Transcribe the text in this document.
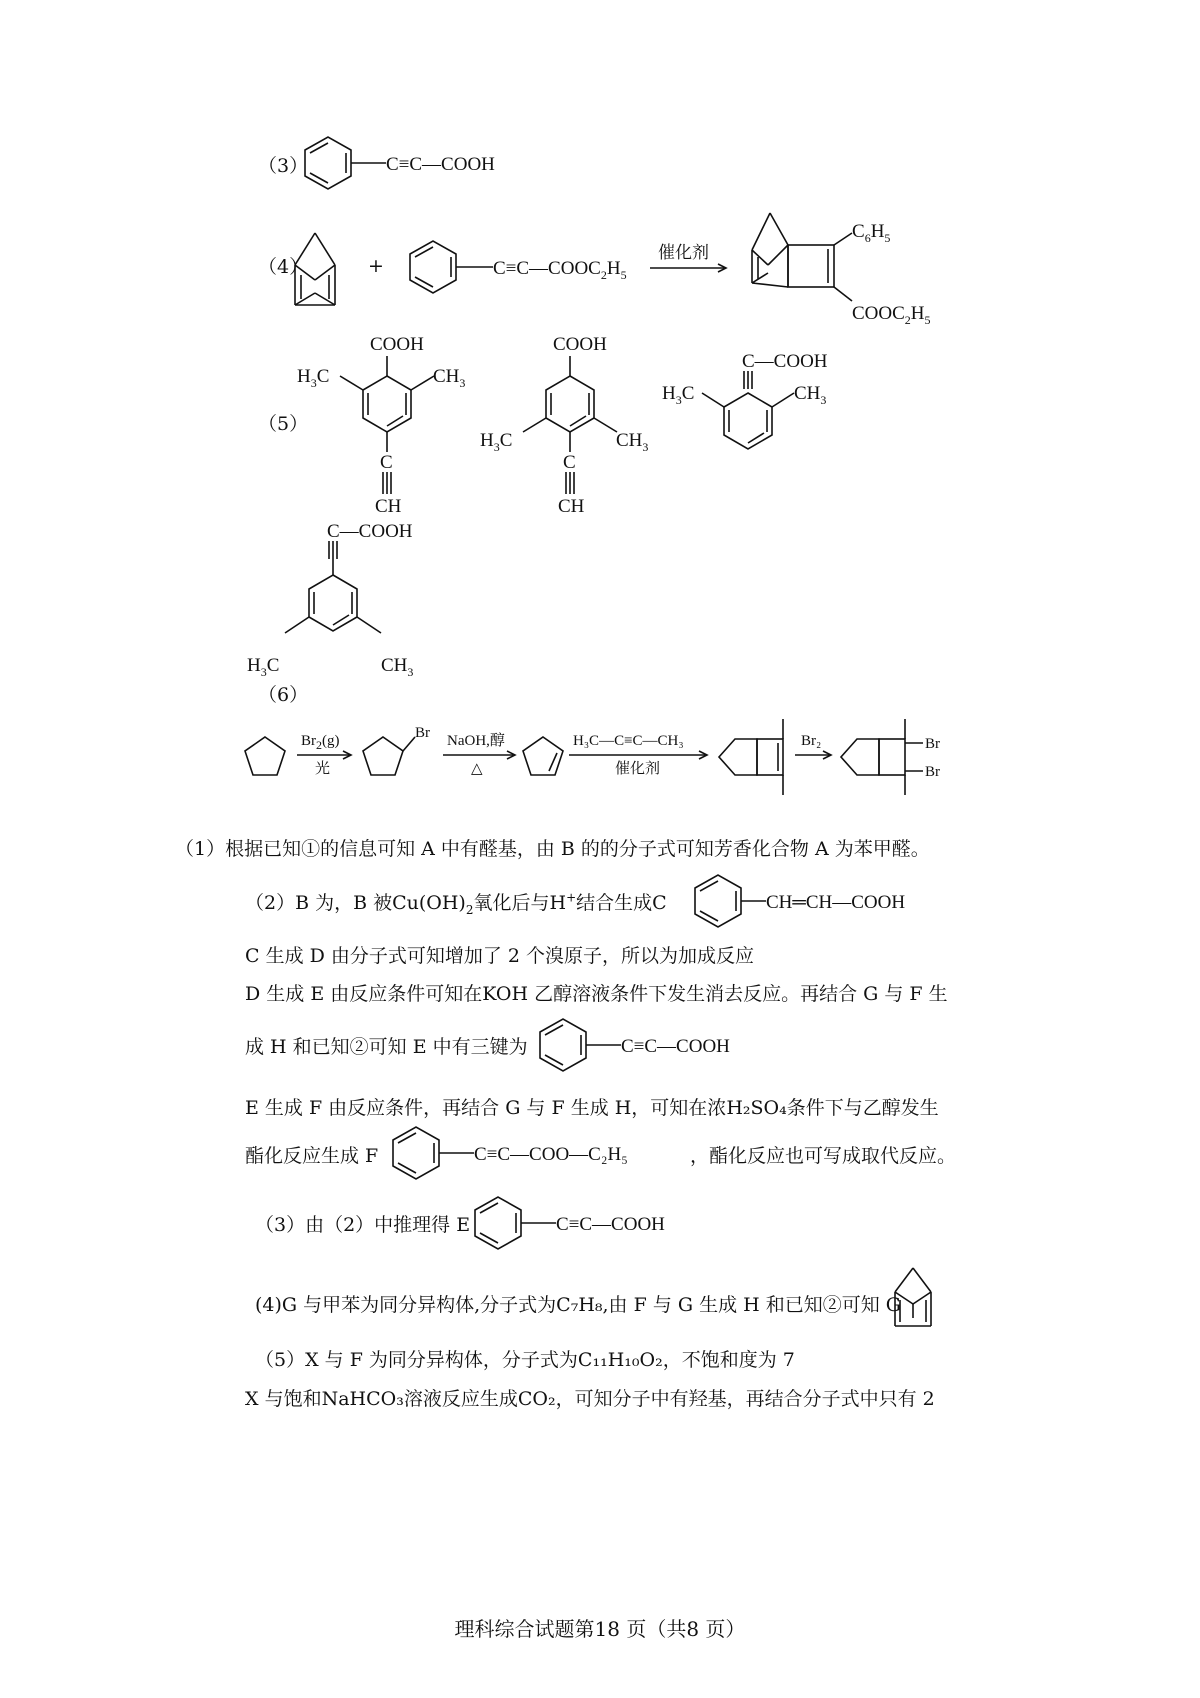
（3）	C≡C—COOH
（4）	+	$C\equiv C—COOC_2H_5$
催化剂
$C_6H_5$
$COOC_2H_5$
（5）
COOH
$H_3C$	$CH_3$
C
CH
COOH
$H_3C$	$CH_3$
C
CH
C—COOH
$H_3C$	$CH_3$
C—COOH
$H_3C$	$CH_3$
（6）
$Br_2(g)$
光
Br NaOH,醇
△
H₃C—C≡C—CH₃
催化剂
Br₂	Br
Br
（1）根据已知①的信息可知 A 中有醛基，由 B 的的分子式可知芳香化合物 A 为苯甲醛。
（2）B 为，B 被$Cu(OH)_2$氧化后与H+结合生成C	CH═CH—COOH
C 生成 D 由分子式可知增加了 2 个溴原子，所以为加成反应
D 生成 E 由反应条件可知在KOH 乙醇溶液条件下发生消去反应。再结合 G 与 F 生
成 H 和已知②可知 E 中有三键为	C≡C—COOH
E 生成 F 由反应条件，再结合 G 与 F 生成 H，可知在浓H₂SO₄条件下与乙醇发生
酯化反应生成 F	C≡C—COO—C₂H₅	，酯化反应也可写成取代反应。
（3）由（2）中推理得 E	C≡C—COOH
(4)G 与甲苯为同分异构体,分子式为C₇H₈,由 F 与 G 生成 H 和已知②可知 G
（5）X 与 F 为同分异构体，分子式为C₁₁H₁₀O₂，不饱和度为 7
X 与饱和NaHCO₃溶液反应生成CO₂，可知分子中有羟基，再结合分子式中只有 2
理科综合试题第18 页（共8 页）
